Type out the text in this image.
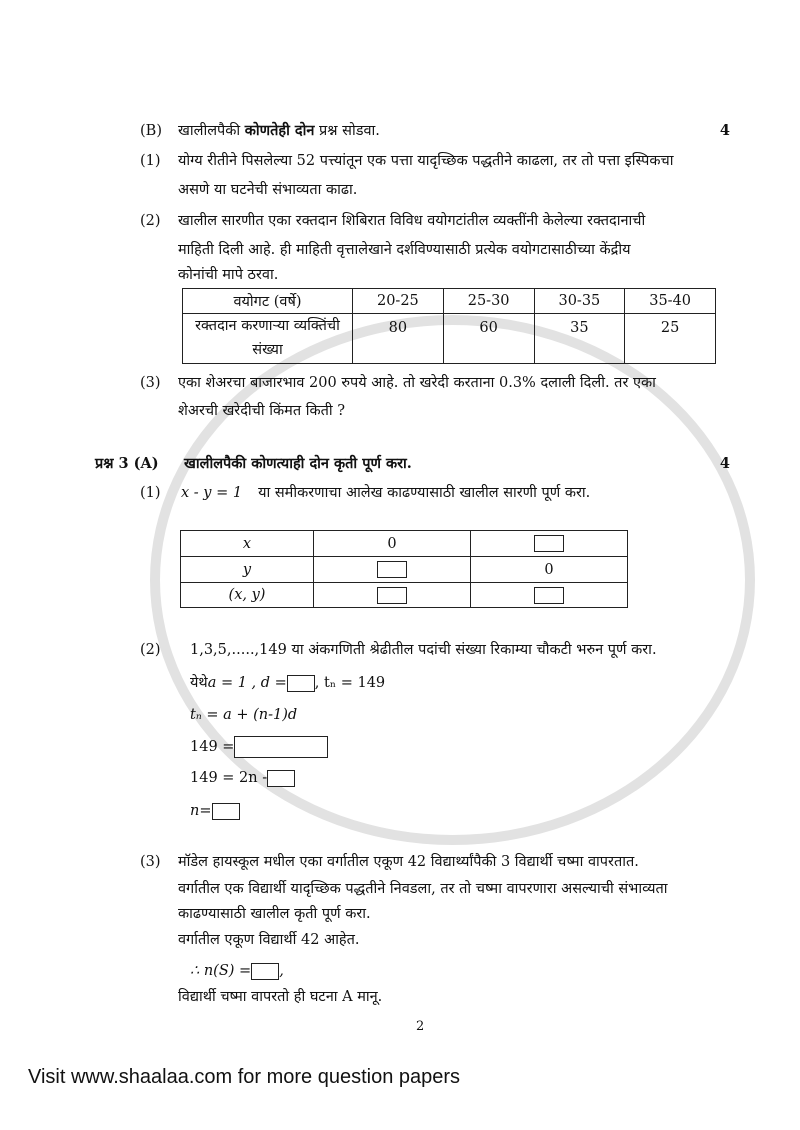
(B)	खालीलपैकी कोणतेही दोन प्रश्न सोडवा.	4
(1)	योग्य रीतीने पिसलेल्या 52 पत्त्यांतून एक पत्ता यादृच्छिक पद्धतीने काढला, तर तो पत्ता इस्पिकचा
असणे या घटनेची संभाव्यता काढा.
(2)	खालील सारणीत एका रक्तदान शिबिरात विविध वयोगटांतील व्यक्तींनी केलेल्या रक्तदानाची
माहिती दिली आहे. ही माहिती वृत्तालेखाने दर्शविण्यासाठी प्रत्येक वयोगटासाठीच्या केंद्रीय
कोनांची मापे ठरवा.
वयोगट (वर्षे)	20-25	25-30	30-35	35-40
रक्तदान करणाऱ्या व्यक्तिंची संख्या	80	60	35	25
(3)	एका शेअरचा बाजारभाव 200 रुपये आहे. तो खरेदी करताना 0.3% दलाली दिली. तर एका
शेअरची खरेदीची किंमत किती ?
प्रश्न 3 (A)	खालीलपैकी कोणत्याही दोन कृती पूर्ण करा.	4
(1)	x - y = 1	या समीकरणाचा आलेख काढण्यासाठी खालील सारणी पूर्ण करा.
x	0	
y		0
(x, y)		
(2)	1,3,5,.....,149 या अंकगणिती श्रेढीतील पदांची संख्या रिकाम्या चौकटी भरुन पूर्ण करा.
येथे a = 1 , d = , tₙ = 149
tₙ = a + (n-1)d
149 =
149 = 2n -
n=
(3)	मॉडेल हायस्कूल मधील एका वर्गातील एकूण 42 विद्यार्थ्यांपैकी 3 विद्यार्थी चष्मा वापरतात.
वर्गातील एक विद्यार्थी यादृच्छिक पद्धतीने निवडला, तर तो चष्मा वापरणारा असल्याची संभाव्यता
काढण्यासाठी खालील कृती पूर्ण करा.
वर्गातील एकूण विद्यार्थी 42 आहेत.
∴ n(S) = ,
विद्यार्थी चष्मा वापरतो ही घटना A मानू.
2
Visit www.shaalaa.com for more question papers
